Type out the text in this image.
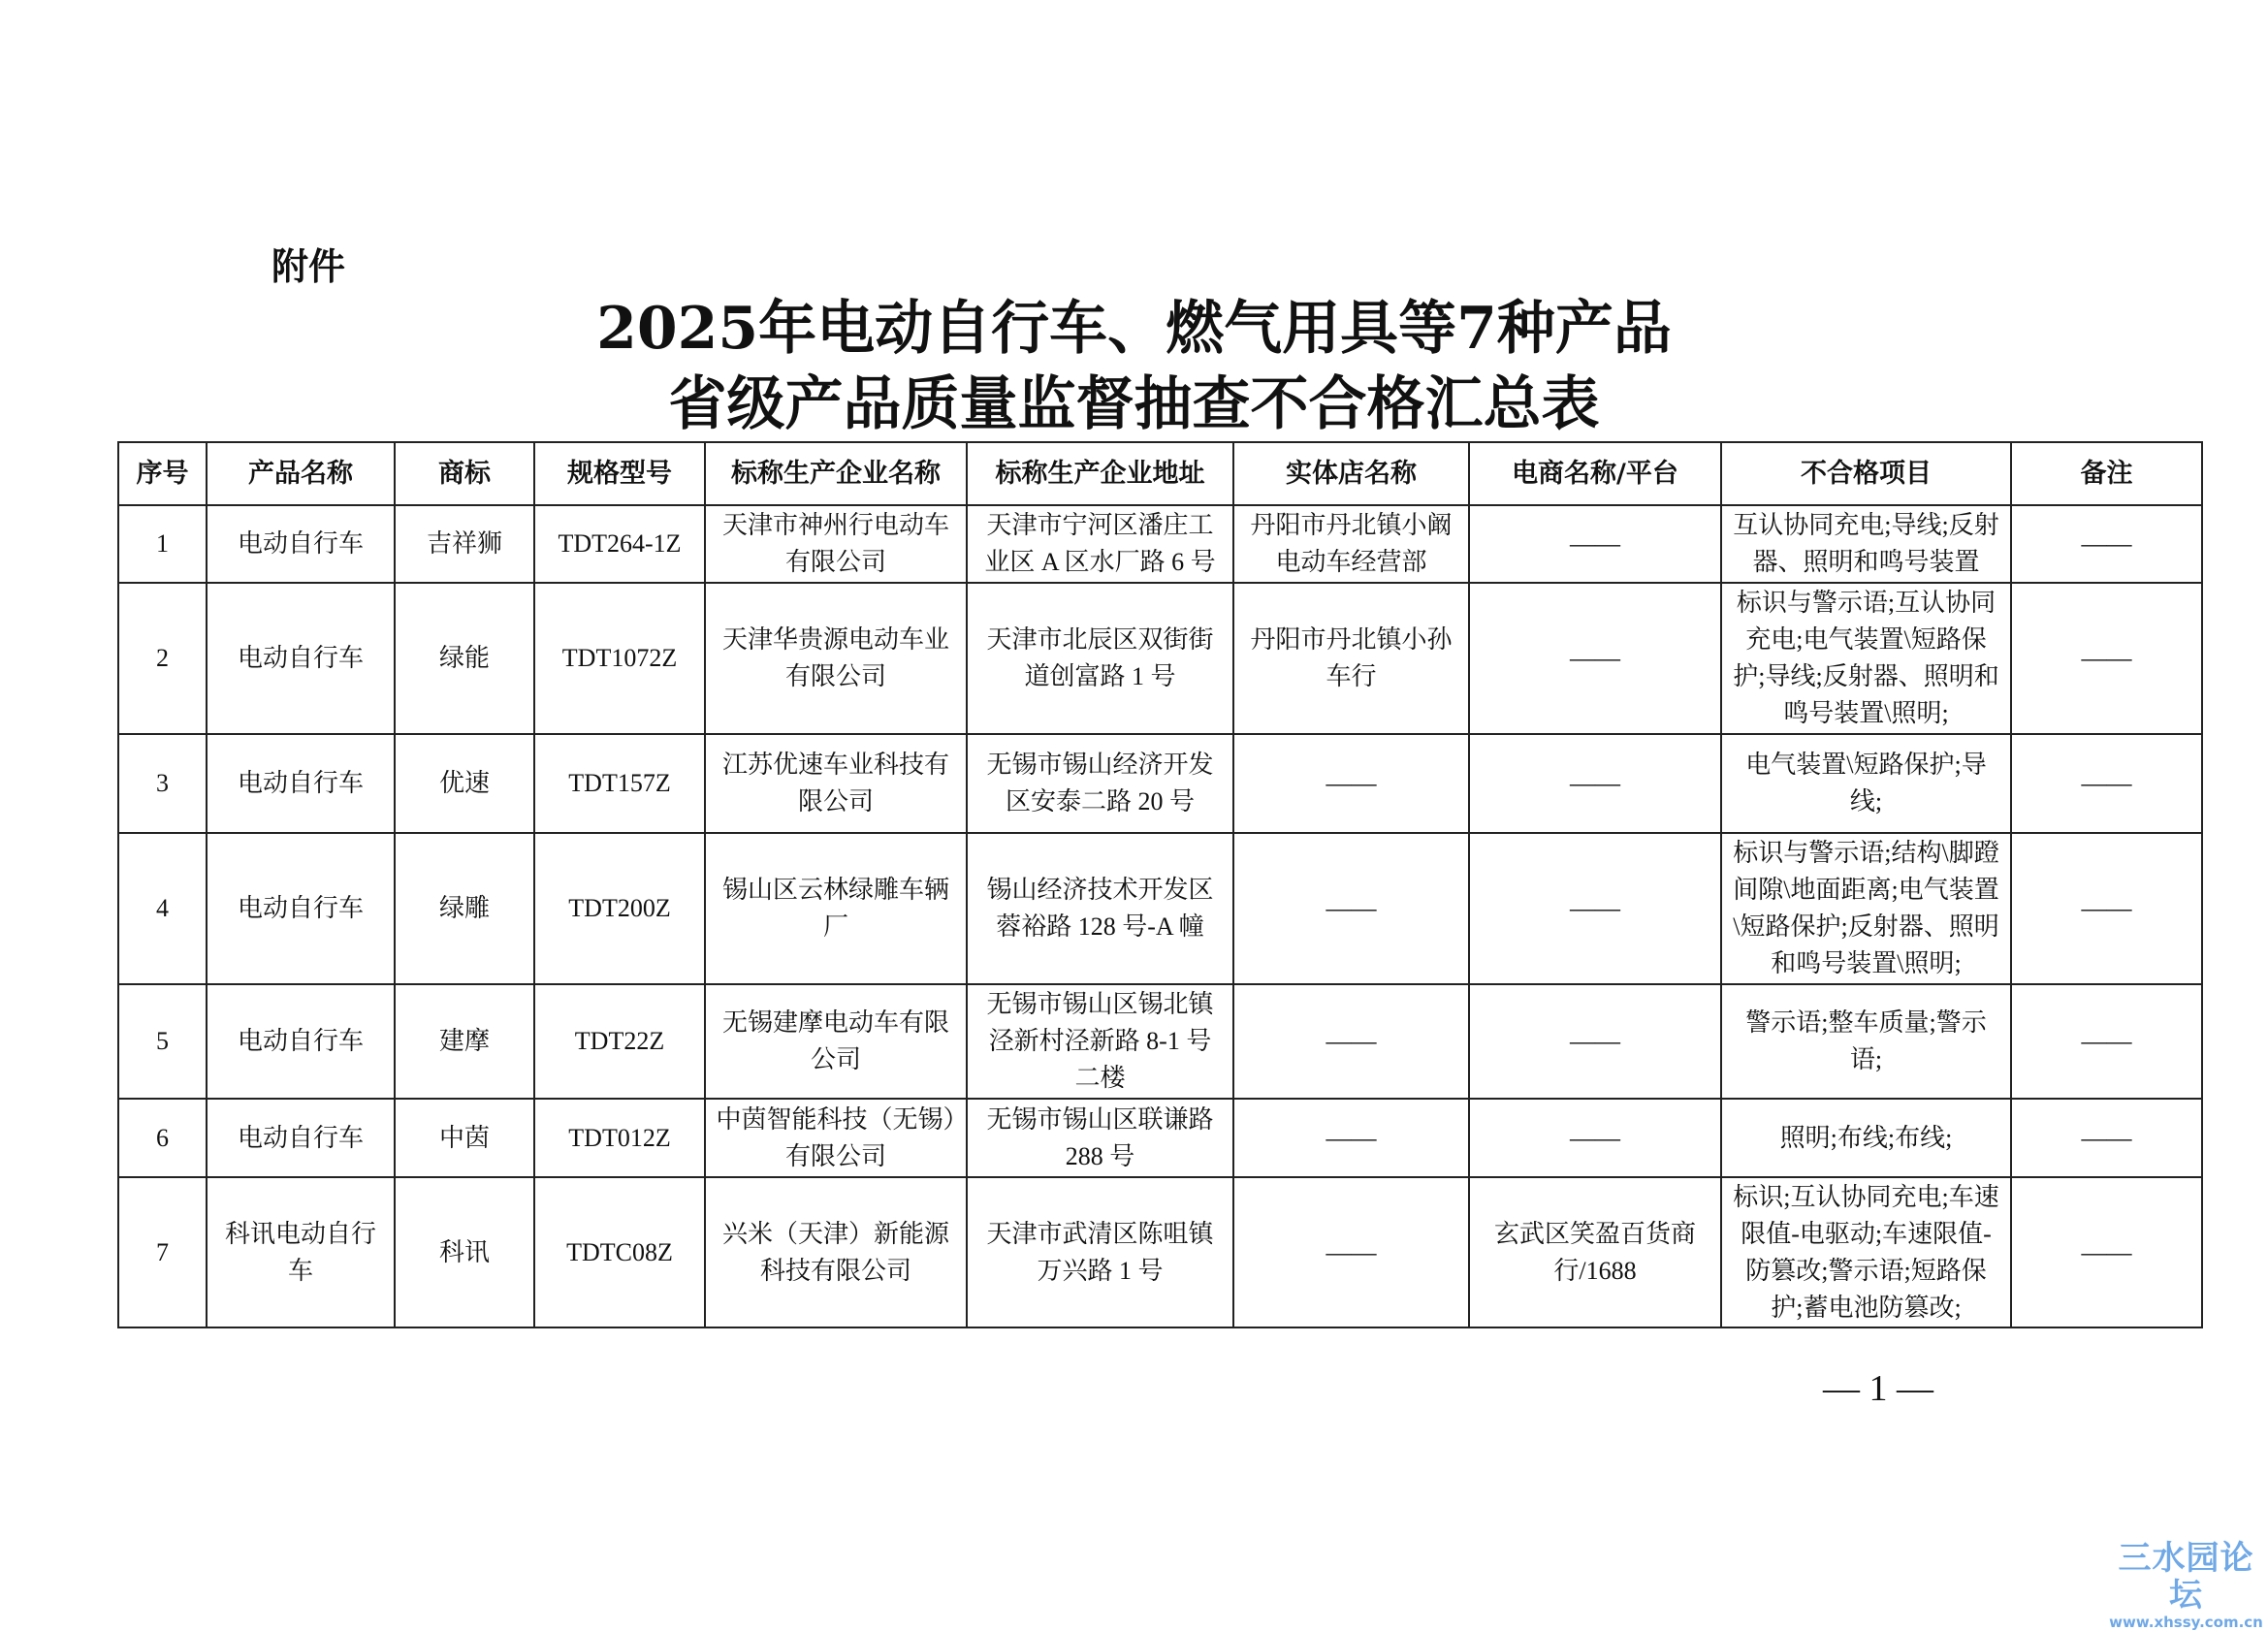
附件
2025年电动自行车、燃气用具等7种产品
省级产品质量监督抽查不合格汇总表
序号	产品名称	商标	规格型号	标称生产企业名称	标称生产企业地址	实体店名称	电商名称/平台	不合格项目	备注
1	电动自行车	吉祥狮	TDT264-1Z	天津市神州行电动车有限公司	天津市宁河区潘庄工业区 A 区水厂路 6 号	丹阳市丹北镇小阚电动车经营部	——	互认协同充电;导线;反射器、照明和鸣号装置	——
2	电动自行车	绿能	TDT1072Z	天津华贵源电动车业有限公司	天津市北辰区双街街道创富路 1 号	丹阳市丹北镇小孙车行	——	标识与警示语;互认协同充电;电气装置\短路保护;导线;反射器、照明和鸣号装置\照明;	——
3	电动自行车	优速	TDT157Z	江苏优速车业科技有限公司	无锡市锡山经济开发区安泰二路 20 号	——	——	电气装置\短路保护;导线;	——
4	电动自行车	绿雕	TDT200Z	锡山区云林绿雕车辆厂	锡山经济技术开发区蓉裕路 128 号-A 幢	——	——	标识与警示语;结构\脚蹬间隙\地面距离;电气装置\短路保护;反射器、照明和鸣号装置\照明;	——
5	电动自行车	建摩	TDT22Z	无锡建摩电动车有限公司	无锡市锡山区锡北镇泾新村泾新路 8-1 号二楼	——	——	警示语;整车质量;警示语;	——
6	电动自行车	中茵	TDT012Z	中茵智能科技（无锡）有限公司	无锡市锡山区联谦路 288 号	——	——	照明;布线;布线;	——
7	科讯电动自行车	科讯	TDTC08Z	兴米（天津）新能源科技有限公司	天津市武清区陈咀镇万兴路 1 号	——	玄武区笑盈百货商行/1688	标识;互认协同充电;车速限值-电驱动;车速限值-防篡改;警示语;短路保护;蓄电池防篡改;	——
— 1 —
三水园论坛
www.xhssy.com.cn
